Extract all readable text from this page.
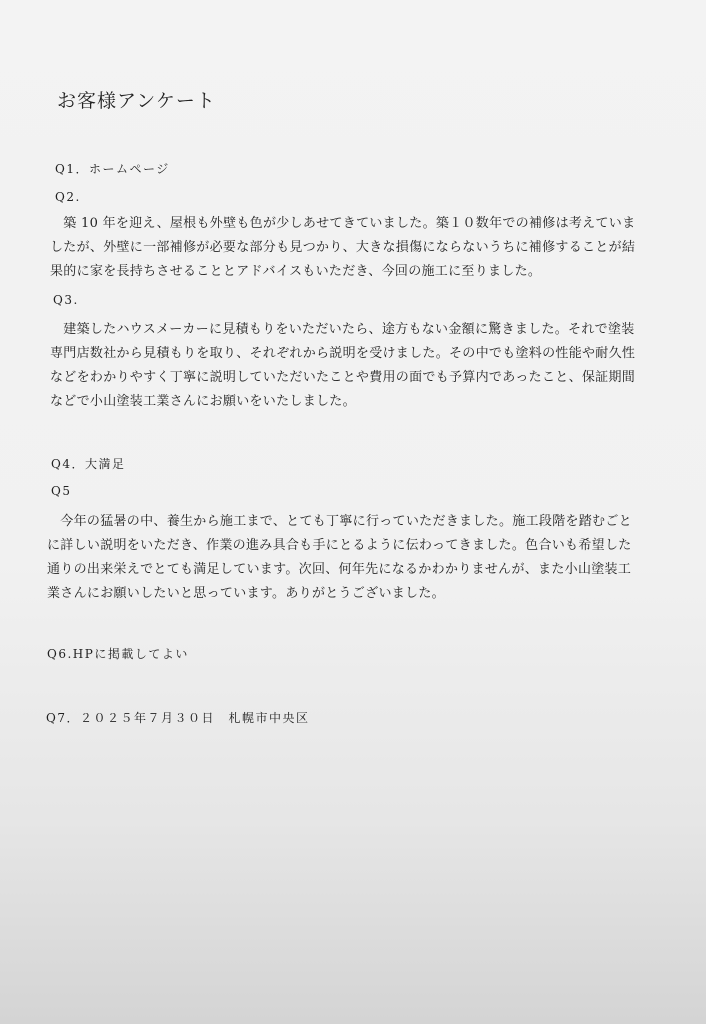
お客様アンケート
Q1．ホームページ
Q2.
　築 10 年を迎え、屋根も外壁も色が少しあせてきていました。築１０数年での補修は考えていま
したが、外壁に一部補修が必要な部分も見つかり、大きな損傷にならないうちに補修することが結
果的に家を長持ちさせることとアドバイスもいただき、今回の施工に至りました。
Q3.
　建築したハウスメーカーに見積もりをいただいたら、途方もない金額に驚きました。それで塗装
専門店数社から見積もりを取り、それぞれから説明を受けました。その中でも塗料の性能や耐久性
などをわかりやすく丁寧に説明していただいたことや費用の面でも予算内であったこと、保証期間
などで小山塗装工業さんにお願いをいたしました。
Q4．大満足
Q5
　今年の猛暑の中、養生から施工まで、とても丁寧に行っていただきました。施工段階を踏むごと
に詳しい説明をいただき、作業の進み具合も手にとるように伝わってきました。色合いも希望した
通りの出来栄えでとても満足しています。次回、何年先になるかわかりませんが、また小山塗装工
業さんにお願いしたいと思っています。ありがとうございました。
Q6.HPに掲載してよい
Q7．２０２５年７月３０日　札幌市中央区
